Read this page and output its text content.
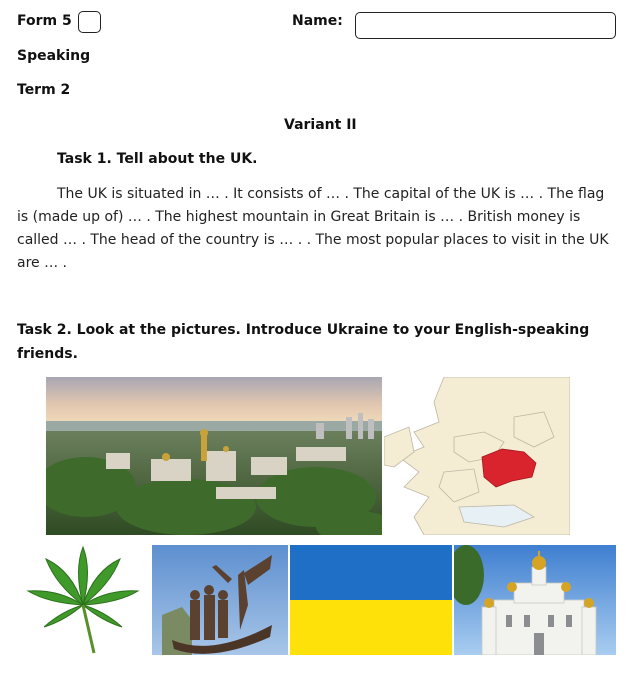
Form 5	Name:
Speaking
Term 2
Variant II
Task 1. Tell about the UK.
The UK is situated in … . It consists of … . The capital of the UK is … . The flag is (made up of) … . The highest mountain in Great Britain is … . British money is called … . The head of the country is … . . The most popular places to visit in the UK are … .
Task 2. Look at the pictures. Introduce Ukraine to your English-speaking friends.
